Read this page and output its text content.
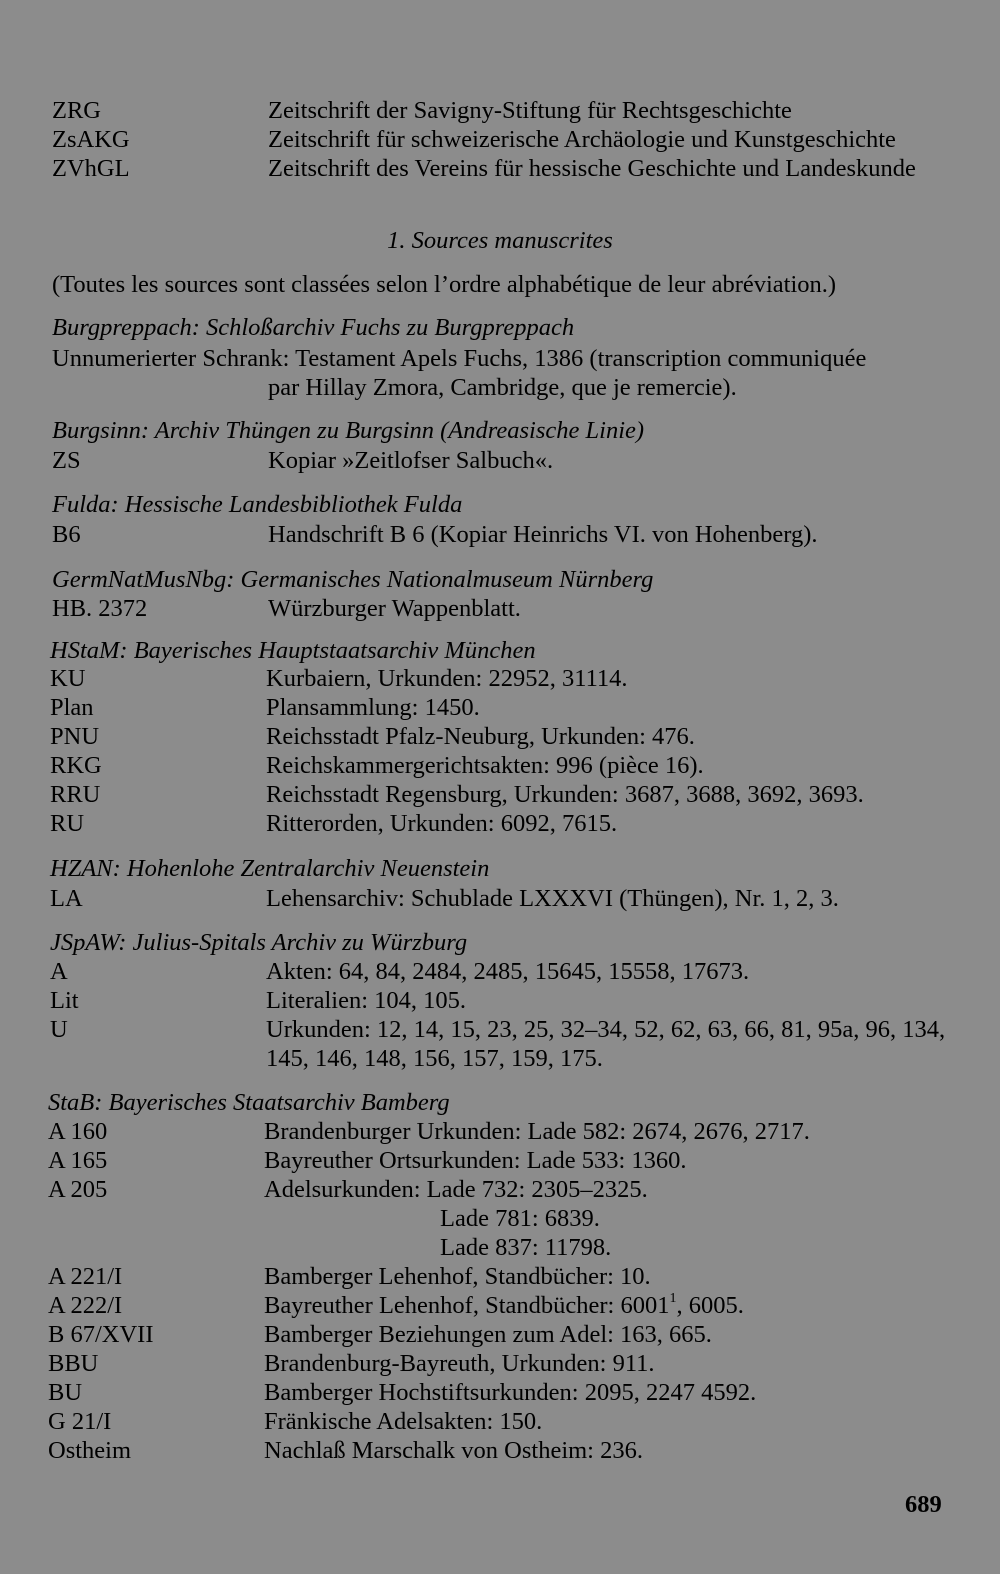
ZRG	Zeitschrift der Savigny-Stiftung für Rechtsgeschichte
ZsAKG	Zeitschrift für schweizerische Archäologie und Kunstgeschichte
ZVhGL	Zeitschrift des Vereins für hessische Geschichte und Landeskunde
1. Sources manuscrites
(Toutes les sources sont classées selon l’ordre alphabétique de leur abréviation.)
Burgpreppach: Schloßarchiv Fuchs zu Burgpreppach
Unnumerierter Schrank: Testament Apels Fuchs, 1386 (transcription communiquée
par Hillay Zmora, Cambridge, que je remercie).
Burgsinn: Archiv Thüngen zu Burgsinn (Andreasische Linie)
ZS	Kopiar »Zeitlofser Salbuch«.
Fulda: Hessische Landesbibliothek Fulda
B6	Handschrift B 6 (Kopiar Heinrichs VI. von Hohenberg).
GermNatMusNbg: Germanisches Nationalmuseum Nürnberg
HB. 2372	Würzburger Wappenblatt.
HStaM: Bayerisches Hauptstaatsarchiv München
KU	Kurbaiern, Urkunden: 22952, 31114.
Plan	Plansammlung: 1450.
PNU	Reichsstadt Pfalz-Neuburg, Urkunden: 476.
RKG	Reichskammergerichtsakten: 996 (pièce 16).
RRU	Reichsstadt Regensburg, Urkunden: 3687, 3688, 3692, 3693.
RU	Ritterorden, Urkunden: 6092, 7615.
HZAN: Hohenlohe Zentralarchiv Neuenstein
LA	Lehensarchiv: Schublade LXXXVI (Thüngen), Nr. 1, 2, 3.
JSpAW: Julius-Spitals Archiv zu Würzburg
A	Akten: 64, 84, 2484, 2485, 15645, 15558, 17673.
Lit	Literalien: 104, 105.
U	Urkunden: 12, 14, 15, 23, 25, 32–34, 52, 62, 63, 66, 81, 95a, 96, 134,
145, 146, 148, 156, 157, 159, 175.
StaB: Bayerisches Staatsarchiv Bamberg
A 160	Brandenburger Urkunden: Lade 582: 2674, 2676, 2717.
A 165	Bayreuther Ortsurkunden: Lade 533: 1360.
A 205	Adelsurkunden: Lade 732: 2305–2325.
Lade 781: 6839.
Lade 837: 11798.
A 221/I	Bamberger Lehenhof, Standbücher: 10.
A 222/I	Bayreuther Lehenhof, Standbücher: 6001$^1$, 6005.
B 67/XVII	Bamberger Beziehungen zum Adel: 163, 665.
BBU	Brandenburg-Bayreuth, Urkunden: 911.
BU	Bamberger Hochstiftsurkunden: 2095, 2247 4592.
G 21/I	Fränkische Adelsakten: 150.
Ostheim	Nachlaß Marschalk von Ostheim: 236.
689
